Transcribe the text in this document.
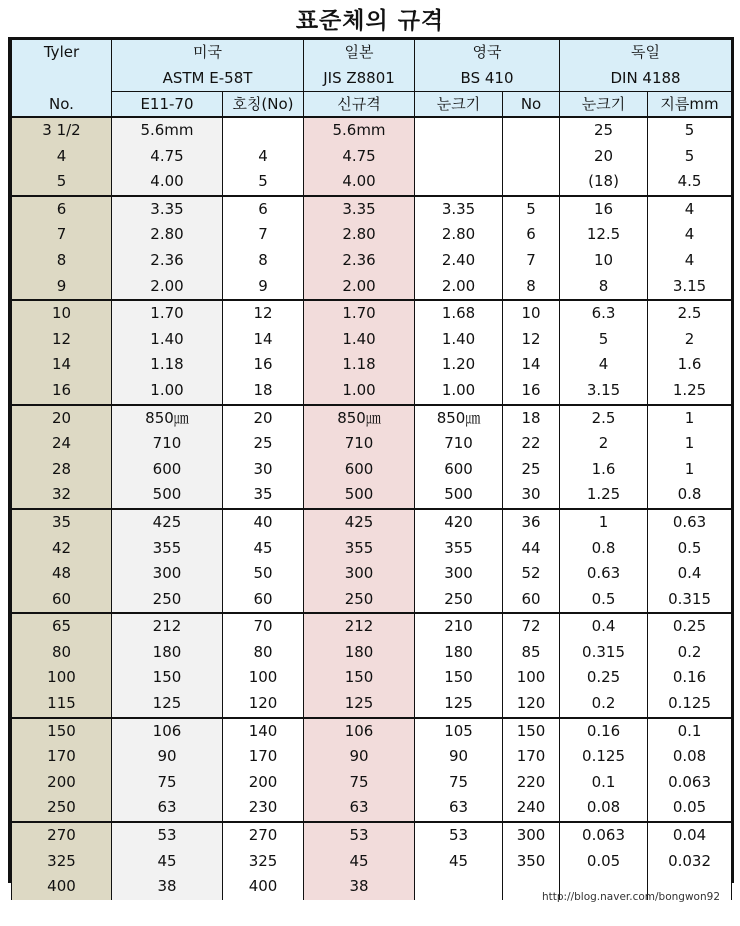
표준체의 규격
Tyler	미국		일본	영국		독일	
	ASTM E-58T		JIS Z8801	BS 410		DIN 4188	
No.	E11-70	호칭(No)	신규격	눈크기	No	눈크기	지름mm
3 1/2	5.6mm		5.6mm			25	5
4	4.75	4	4.75			20	5
5	4.00	5	4.00			(18)	4.5
6	3.35	6	3.35	3.35	5	16	4
7	2.80	7	2.80	2.80	6	12.5	4
8	2.36	8	2.36	2.40	7	10	4
9	2.00	9	2.00	2.00	8	8	3.15
10	1.70	12	1.70	1.68	10	6.3	2.5
12	1.40	14	1.40	1.40	12	5	2
14	1.18	16	1.18	1.20	14	4	1.6
16	1.00	18	1.00	1.00	16	3.15	1.25
20	850㎛	20	850㎛	850㎛	18	2.5	1
24	710	25	710	710	22	2	1
28	600	30	600	600	25	1.6	1
32	500	35	500	500	30	1.25	0.8
35	425	40	425	420	36	1	0.63
42	355	45	355	355	44	0.8	0.5
48	300	50	300	300	52	0.63	0.4
60	250	60	250	250	60	0.5	0.315
65	212	70	212	210	72	0.4	0.25
80	180	80	180	180	85	0.315	0.2
100	150	100	150	150	100	0.25	0.16
115	125	120	125	125	120	0.2	0.125
150	106	140	106	105	150	0.16	0.1
170	90	170	90	90	170	0.125	0.08
200	75	200	75	75	220	0.1	0.063
250	63	230	63	63	240	0.08	0.05
270	53	270	53	53	300	0.063	0.04
325	45	325	45	45	350	0.05	0.032
400	38	400	38				
http://blog.naver.com/bongwon92
